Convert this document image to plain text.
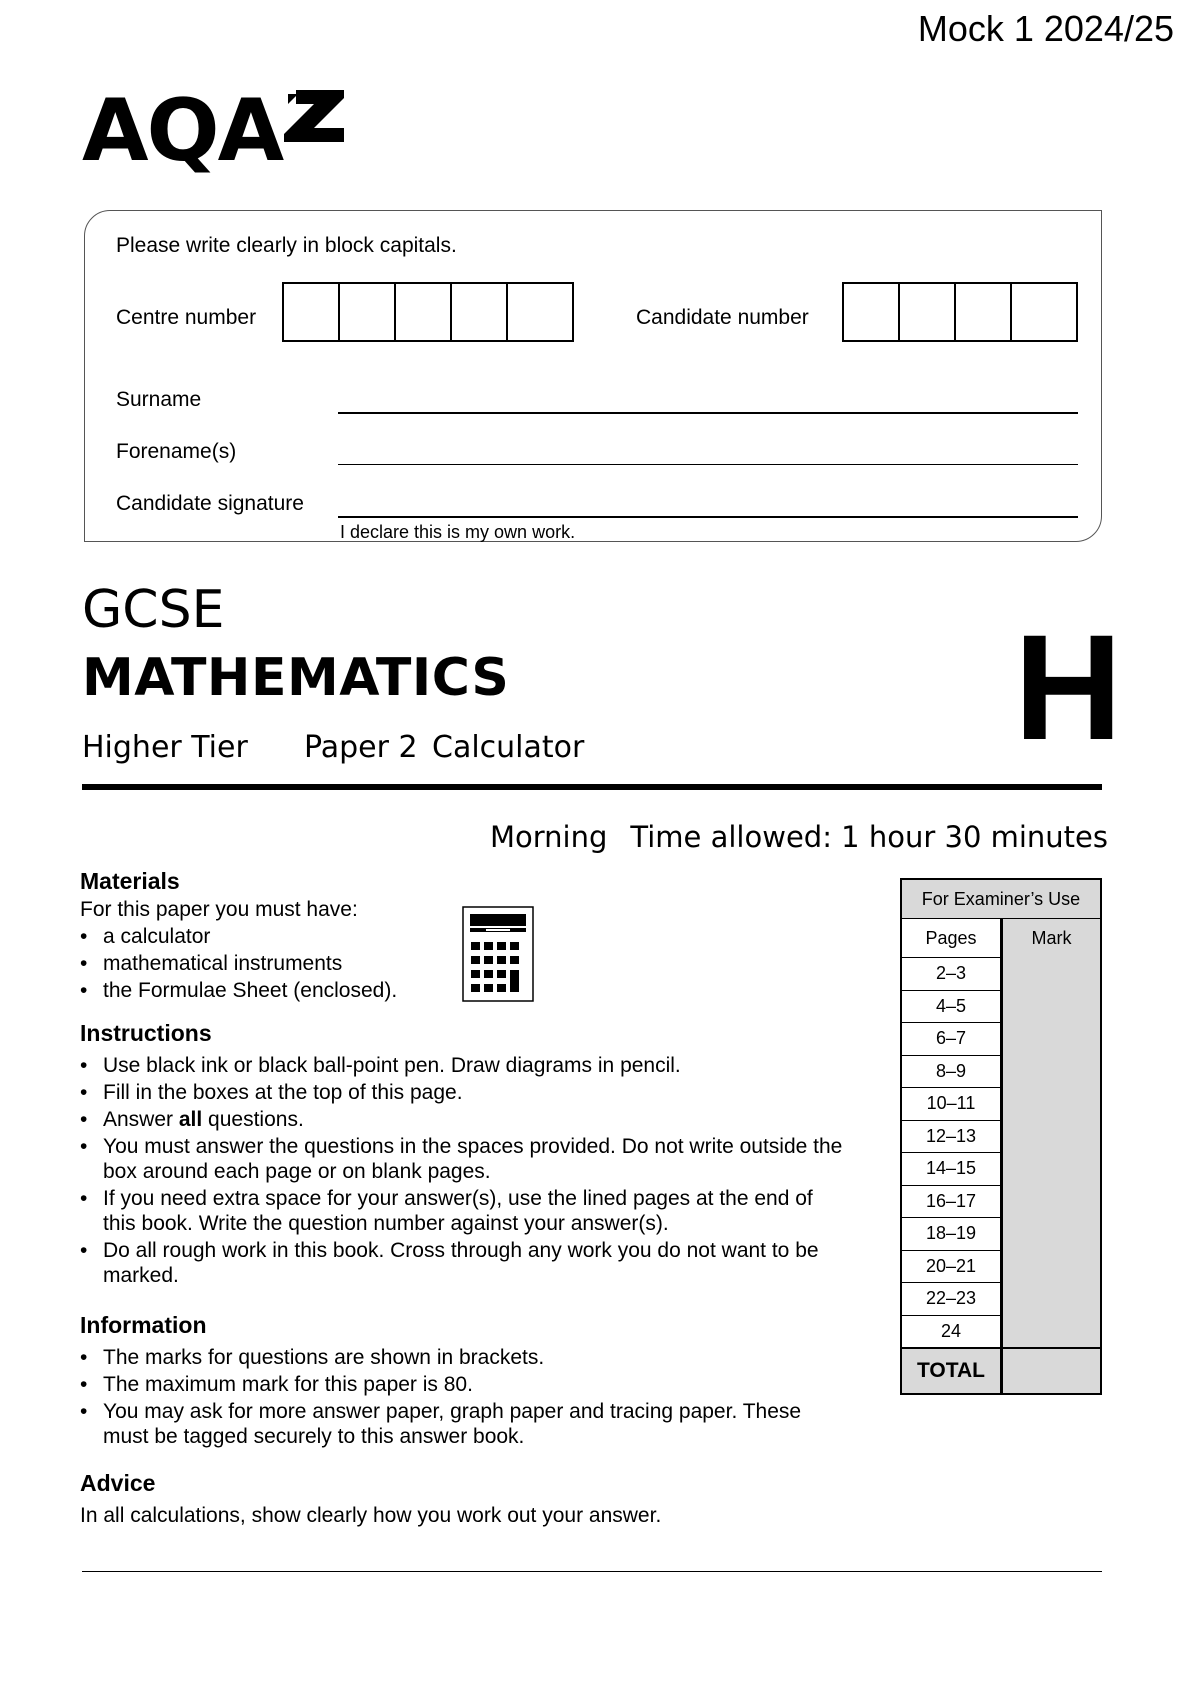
Mock 1 2024/25
AQA
Please write clearly in block capitals.
Centre number	Candidate number
Surname
Forename(s)
Candidate signature
I declare this is my own work.
GCSE
MATHEMATICS
Higher Tier Paper 2 Calculator	H
Morning Time allowed: 1 hour 30 minutes
Materials
For this paper you must have:
• a calculator
• mathematical instruments
• the Formulae Sheet (enclosed).
Instructions
• Use black ink or black ball-point pen. Draw diagrams in pencil.
• Fill in the boxes at the top of this page.
• Answer all questions.
• You must answer the questions in the spaces provided. Do not write outside the box around each page or on blank pages.
• If you need extra space for your answer(s), use the lined pages at the end of this book. Write the question number against your answer(s).
• Do all rough work in this book. Cross through any work you do not want to be marked.
Information
• The marks for questions are shown in brackets.
• The maximum mark for this paper is 80.
• You may ask for more answer paper, graph paper and tracing paper. These must be tagged securely to this answer book.
Advice
In all calculations, show clearly how you work out your answer.
For Examiner’s Use	
Pages	Mark
2–3	
4–5	
6–7	
8–9	
10–11	
12–13	
14–15	
16–17	
18–19	
20–21	
22–23	
24	
TOTAL	
